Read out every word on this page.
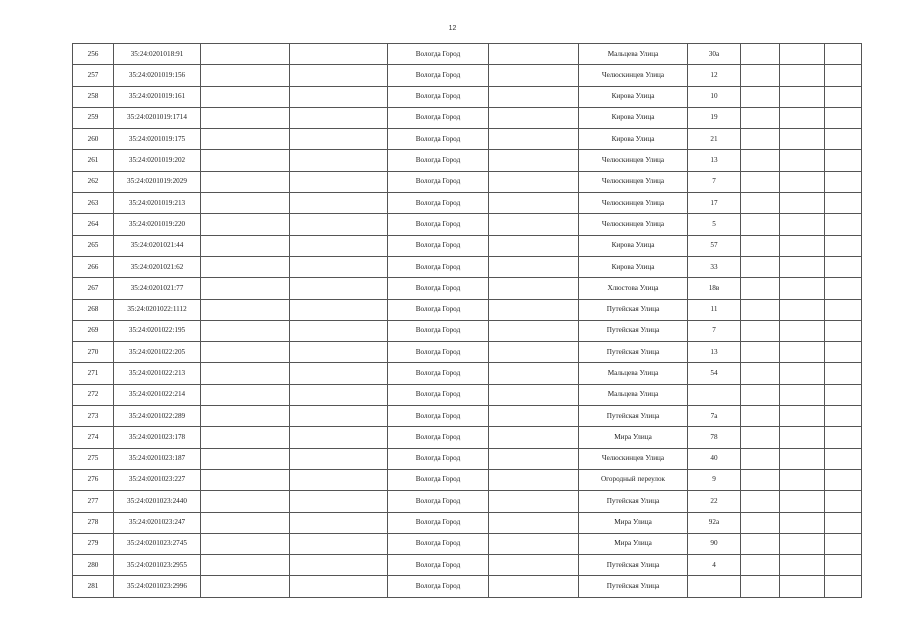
12
256	35:24:0201018:91			Вологда Город		Мальцева Улица	30а			
257	35:24:0201019:156			Вологда Город		Челюскинцев Улица	12			
258	35:24:0201019:161			Вологда Город		Кирова Улица	10			
259	35:24:0201019:1714			Вологда Город		Кирова Улица	19			
260	35:24:0201019:175			Вологда Город		Кирова Улица	21			
261	35:24:0201019:202			Вологда Город		Челюскинцев Улица	13			
262	35:24:0201019:2029			Вологда Город		Челюскинцев Улица	7			
263	35:24:0201019:213			Вологда Город		Челюскинцев Улица	17			
264	35:24:0201019:220			Вологда Город		Челюскинцев Улица	5			
265	35:24:0201021:44			Вологда Город		Кирова Улица	57			
266	35:24:0201021:62			Вологда Город		Кирова Улица	33			
267	35:24:0201021:77			Вологда Город		Хлюстова Улица	18в			
268	35:24:0201022:1112			Вологда Город		Путейская Улица	11			
269	35:24:0201022:195			Вологда Город		Путейская Улица	7			
270	35:24:0201022:205			Вологда Город		Путейская Улица	13			
271	35:24:0201022:213			Вологда Город		Мальцева Улица	54			
272	35:24:0201022:214			Вологда Город		Мальцева Улица				
273	35:24:0201022:289			Вологда Город		Путейская Улица	7а			
274	35:24:0201023:178			Вологда Город		Мира Улица	78			
275	35:24:0201023:187			Вологда Город		Челюскинцев Улица	40			
276	35:24:0201023:227			Вологда Город		Огородный переулок	9			
277	35:24:0201023:2440			Вологда Город		Путейская Улица	22			
278	35:24:0201023:247			Вологда Город		Мира Улица	92а			
279	35:24:0201023:2745			Вологда Город		Мира Улица	90			
280	35:24:0201023:2955			Вологда Город		Путейская Улица	4			
281	35:24:0201023:2996			Вологда Город		Путейская Улица				
